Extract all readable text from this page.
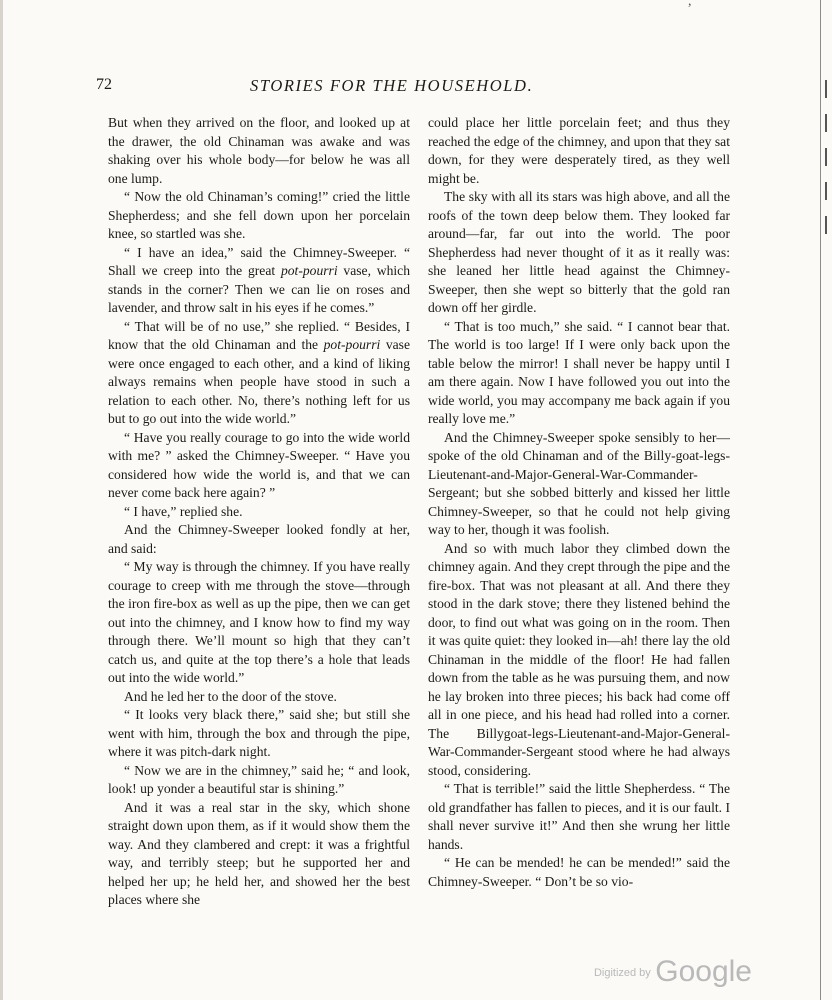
,
72	STORIES FOR THE HOUSEHOLD.

But when they arrived on the floor, and looked up at the drawer, the old Chinaman was awake and was shaking over his whole body—for below he was all one lump.

“ Now the old Chinaman’s coming!” cried the little Shepherdess; and she fell down upon her porcelain knee, so startled was she.

“ I have an idea,” said the Chimney-Sweeper. “ Shall we creep into the great pot-pourri vase, which stands in the corner? Then we can lie on roses and lavender, and throw salt in his eyes if he comes.”

“ That will be of no use,” she replied. “ Besides, I know that the old Chinaman and the pot-pourri vase were once engaged to each other, and a kind of liking always remains when people have stood in such a relation to each other. No, there’s nothing left for us but to go out into the wide world.”

“ Have you really courage to go into the wide world with me? ” asked the Chimney-Sweeper. “ Have you considered how wide the world is, and that we can never come back here again? ”

“ I have,” replied she.

And the Chimney-Sweeper looked fondly at her, and said:

“ My way is through the chimney. If you have really courage to creep with me through the stove—through the iron fire-box as well as up the pipe, then we can get out into the chimney, and I know how to find my way through there. We’ll mount so high that they can’t catch us, and quite at the top there’s a hole that leads out into the wide world.”

And he led her to the door of the stove.

“ It looks very black there,” said she; but still she went with him, through the box and through the pipe, where it was pitch-dark night.

“ Now we are in the chimney,” said he; “ and look, look! up yonder a beautiful star is shining.”

And it was a real star in the sky, which shone straight down upon them, as if it would show them the way. And they clambered and crept: it was a frightful way, and terribly steep; but he supported her and helped her up; he held her, and showed her the best places where she

could place her little porcelain feet; and thus they reached the edge of the chimney, and upon that they sat down, for they were desperately tired, as they well might be.

The sky with all its stars was high above, and all the roofs of the town deep below them. They looked far around—far, far out into the world. The poor Shepherdess had never thought of it as it really was: she leaned her little head against the Chimney-Sweeper, then she wept so bitterly that the gold ran down off her girdle.

“ That is too much,” she said. “ I cannot bear that. The world is too large! If I were only back upon the table below the mirror! I shall never be happy until I am there again. Now I have followed you out into the wide world, you may accompany me back again if you really love me.”

And the Chimney-Sweeper spoke sensibly to her—spoke of the old Chinaman and of the Billy-goat-legs-Lieutenant-and-Major-General-War-Commander-Sergeant; but she sobbed bitterly and kissed her little Chimney-Sweeper, so that he could not help giving way to her, though it was foolish.

And so with much labor they climbed down the chimney again. And they crept through the pipe and the fire-box. That was not pleasant at all. And there they stood in the dark stove; there they listened behind the door, to find out what was going on in the room. Then it was quite quiet: they looked in—ah! there lay the old Chinaman in the middle of the floor! He had fallen down from the table as he was pursuing them, and now he lay broken into three pieces; his back had come off all in one piece, and his head had rolled into a corner. The Billygoat-legs-Lieutenant-and-Major-General-War-Commander-Sergeant stood where he had always stood, considering.

“ That is terrible!” said the little Shepherdess. “ The old grandfather has fallen to pieces, and it is our fault. I shall never survive it!” And then she wrung her little hands.

“ He can be mended! he can be mended!” said the Chimney-Sweeper. “ Don’t be so vio-

$^{Digitized by}$ Google
